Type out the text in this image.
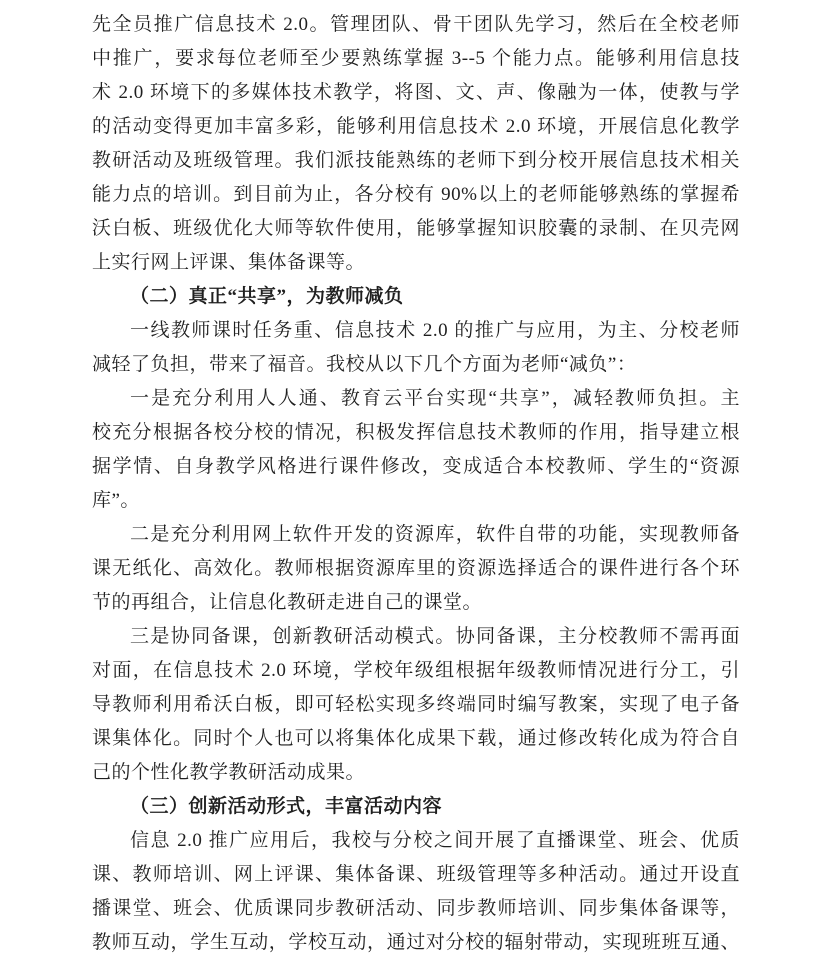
先全员推广信息技术 2.0。管理团队、骨干团队先学习，然后在全校老师
中推广，要求每位老师至少要熟练掌握 3--5 个能力点。能够利用信息技
术 2.0 环境下的多媒体技术教学，将图、文、声、像融为一体，使教与学
的活动变得更加丰富多彩，能够利用信息技术 2.0 环境，开展信息化教学
教研活动及班级管理。我们派技能熟练的老师下到分校开展信息技术相关
能力点的培训。到目前为止，各分校有 90%以上的老师能够熟练的掌握希
沃白板、班级优化大师等软件使用，能够掌握知识胶囊的录制、在贝壳网
上实行网上评课、集体备课等。
（二）真正“共享”，为教师减负
一线教师课时任务重、信息技术 2.0 的推广与应用，为主、分校老师
减轻了负担，带来了福音。我校从以下几个方面为老师“减负”：
一是充分利用人人通、教育云平台实现“共享”，减轻教师负担。主
校充分根据各校分校的情况，积极发挥信息技术教师的作用，指导建立根
据学情、自身教学风格进行课件修改，变成适合本校教师、学生的“资源
库”。
二是充分利用网上软件开发的资源库，软件自带的功能，实现教师备
课无纸化、高效化。教师根据资源库里的资源选择适合的课件进行各个环
节的再组合，让信息化教研走进自己的课堂。
三是协同备课，创新教研活动模式。协同备课，主分校教师不需再面
对面，在信息技术 2.0 环境，学校年级组根据年级教师情况进行分工，引
导教师利用希沃白板，即可轻松实现多终端同时编写教案，实现了电子备
课集体化。同时个人也可以将集体化成果下载，通过修改转化成为符合自
己的个性化教学教研活动成果。
（三）创新活动形式，丰富活动内容
信息 2.0 推广应用后，我校与分校之间开展了直播课堂、班会、优质
课、教师培训、网上评课、集体备课、班级管理等多种活动。通过开设直
播课堂、班会、优质课同步教研活动、同步教师培训、同步集体备课等，
教师互动，学生互动，学校互动，通过对分校的辐射带动，实现班班互通、
